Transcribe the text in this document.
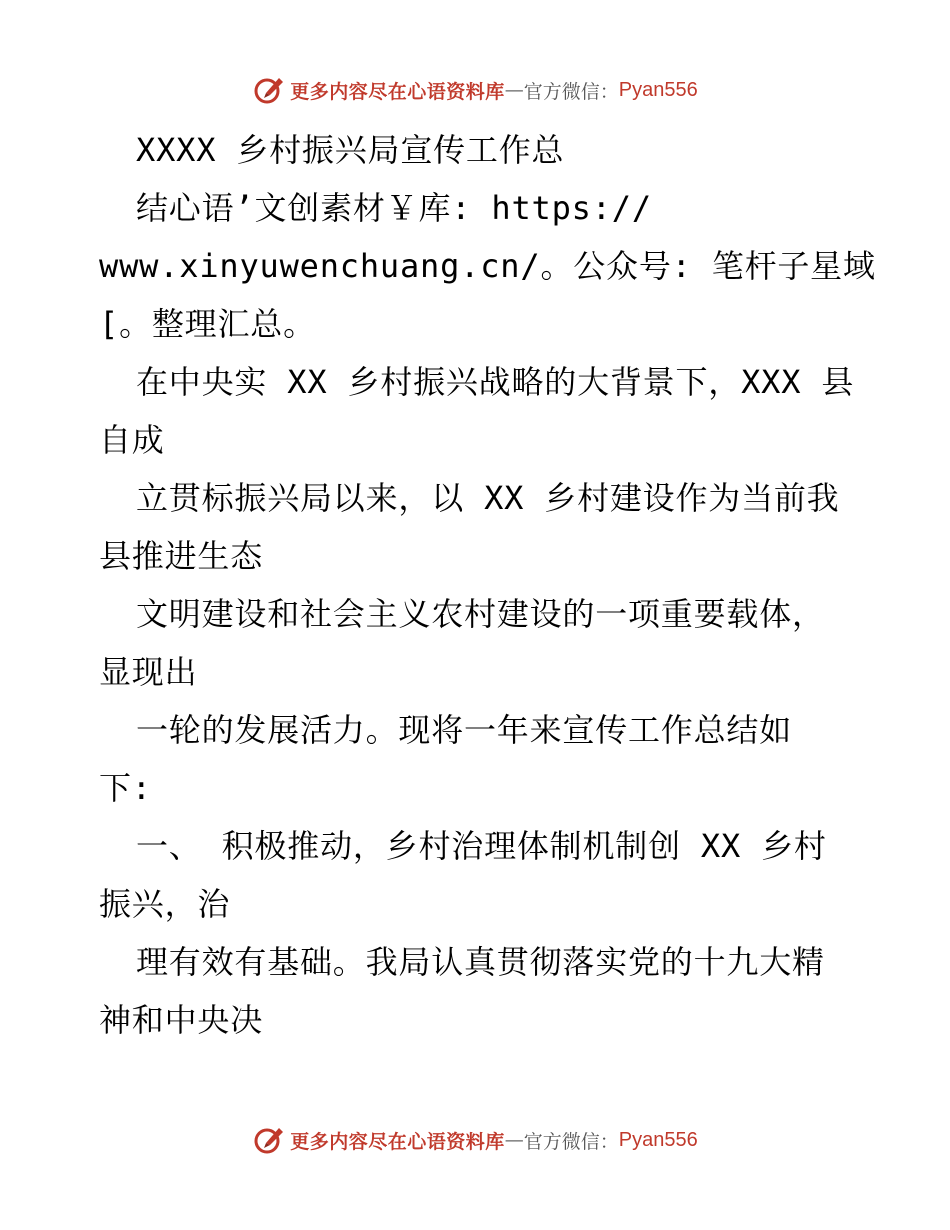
更多内容尽在心语资料库 — 官方微信： Pyan556
XXXX 乡村振兴局宣传工作总
结心语’文创素材￥库: https://
www.xinyuwenchuang.cn/。公众号: 笔杆子星域
[。整理汇总。
在中央实 XX 乡村振兴战略的大背景下，XXX 县
自成
立贯标振兴局以来，以 XX 乡村建设作为当前我
县推进生态
文明建设和社会主义农村建设的一项重要载体，
显现出
一轮的发展活力。现将一年来宣传工作总结如
下:
一、 积极推动，乡村治理体制机制创 XX 乡村
振兴，治
理有效有基础。我局认真贯彻落实党的十九大精
神和中央决
更多内容尽在心语资料库 — 官方微信： Pyan556
